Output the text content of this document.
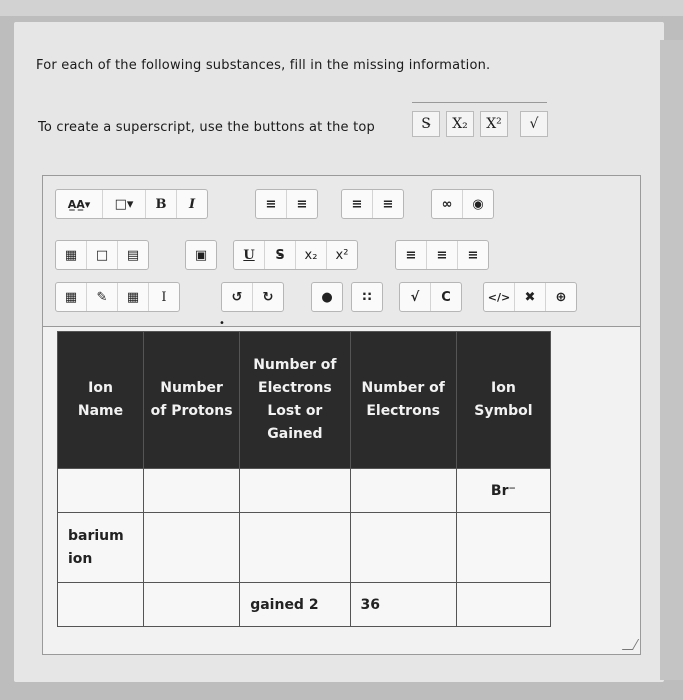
For each of the following substances, fill in the missing information.
To create a superscript, use the buttons at the top	S̵	X₂	X²	√
A̲A̲ ▾	□ ▾	B I	≡ ≡	≡ ≡	∞ ◉
▦ □ ▤	▣	U S̵ x₂ x²	≡ ≡ ≡
▦ ✎ ▦ I	↺ ↻	● ∷	√ C	</> ✖ ⊕
•
Ion Name	Number of Protons	Number of Electrons Lost or Gained	Number of Electrons	Ion Symbol
				Br⁻
barium ion				
		gained 2	36	
